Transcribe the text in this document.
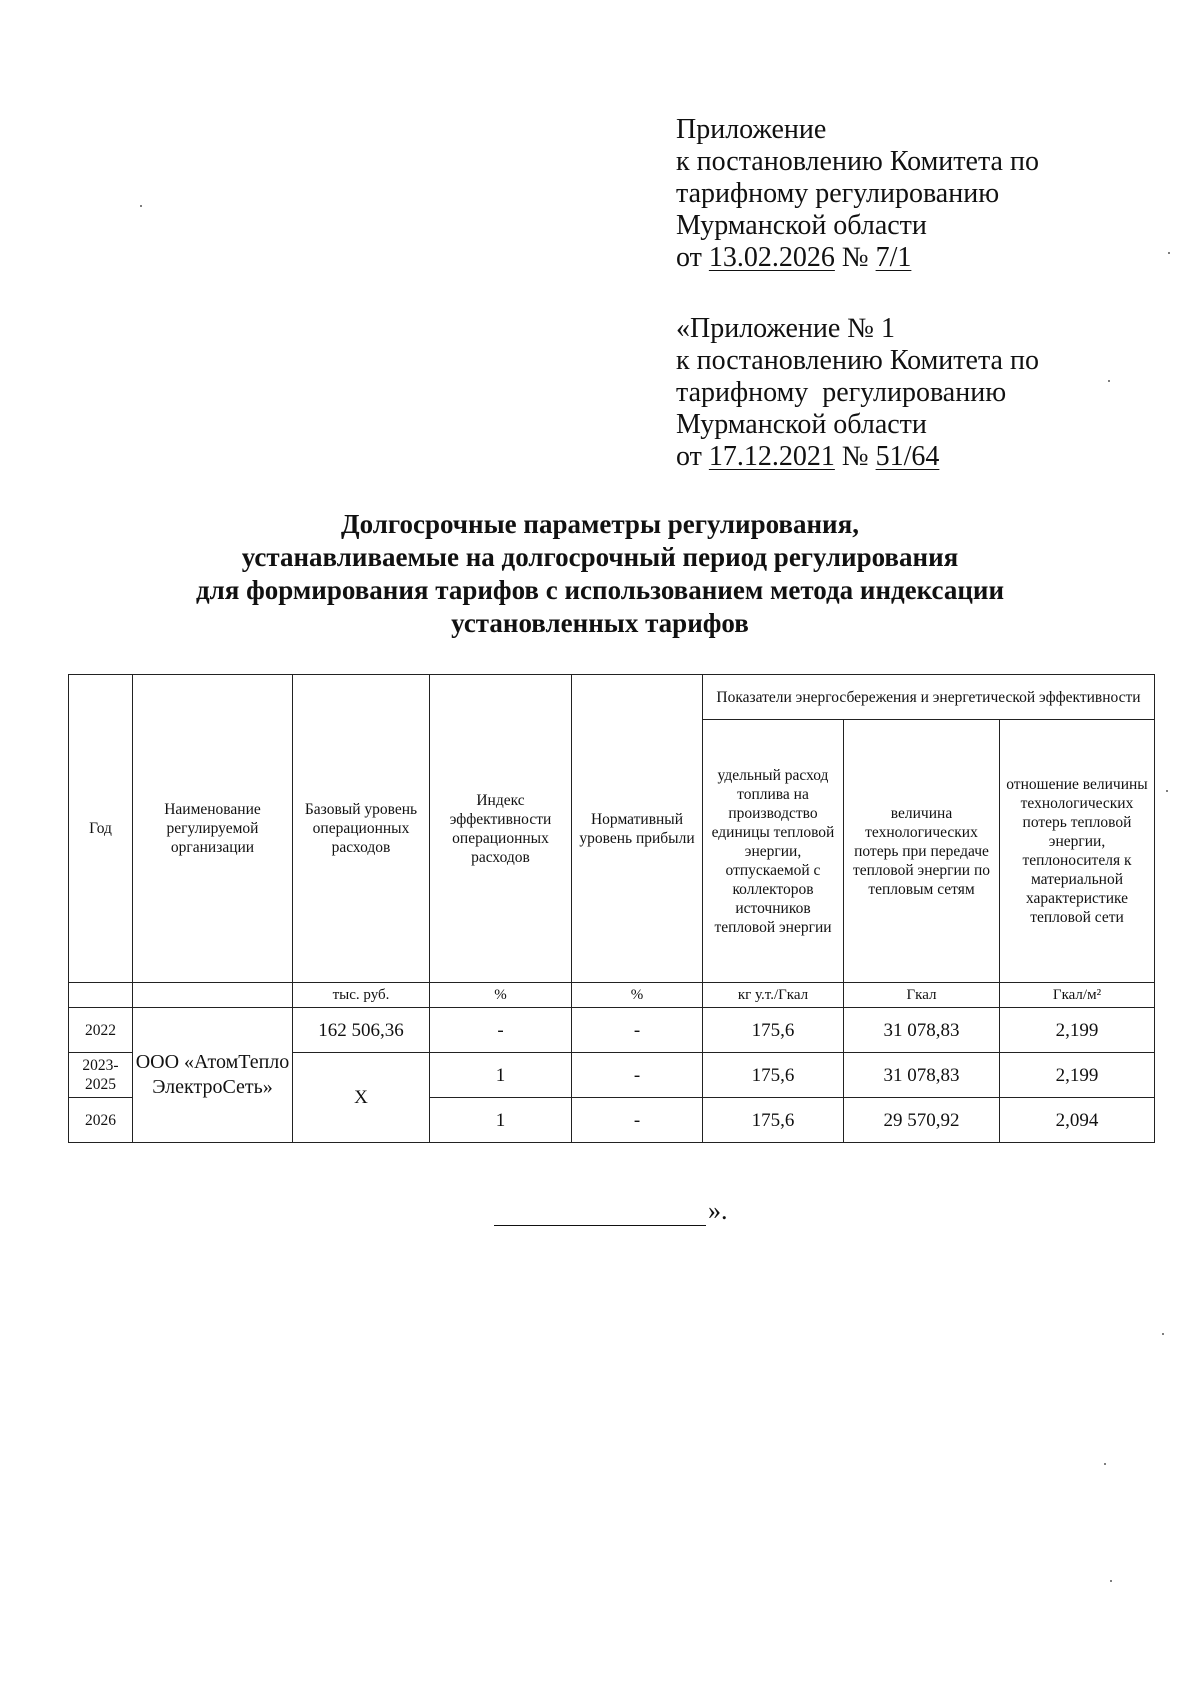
Приложение
к постановлению Комитета по
тарифному регулированию
Мурманской области
от 13.02.2026 № 7/1
«Приложение № 1
к постановлению Комитета по
тарифному  регулированию
Мурманской области
от 17.12.2021 № 51/64
Долгосрочные параметры регулирования,
устанавливаемые на долгосрочный период регулирования
для формирования тарифов с использованием метода индексации
установленных тарифов
Год	Наименование регулируемой организации	Базовый уровень операционных расходов	Индекс эффективности операционных расходов	Нормативный уровень прибыли	Показатели энергосбережения и энергетической эффективности		
					удельный расход топлива на производство единицы тепловой энергии, отпускаемой с коллекторов источников тепловой энергии	величина технологических потерь при передаче тепловой энергии по тепловым сетям	отношение величины технологических потерь тепловой энергии, теплоносителя к материальной характеристике тепловой сети
		тыс. руб.	%	%	кг у.т./Гкал	Гкал	Гкал/м²
2022	ООО «АтомТепло ЭлектроСеть»	162 506,36	-	-	175,6	31 078,83	2,199
2023-2025		Х	1	-	175,6	31 078,83	2,199
2026			1	-	175,6	29 570,92	2,094
».
